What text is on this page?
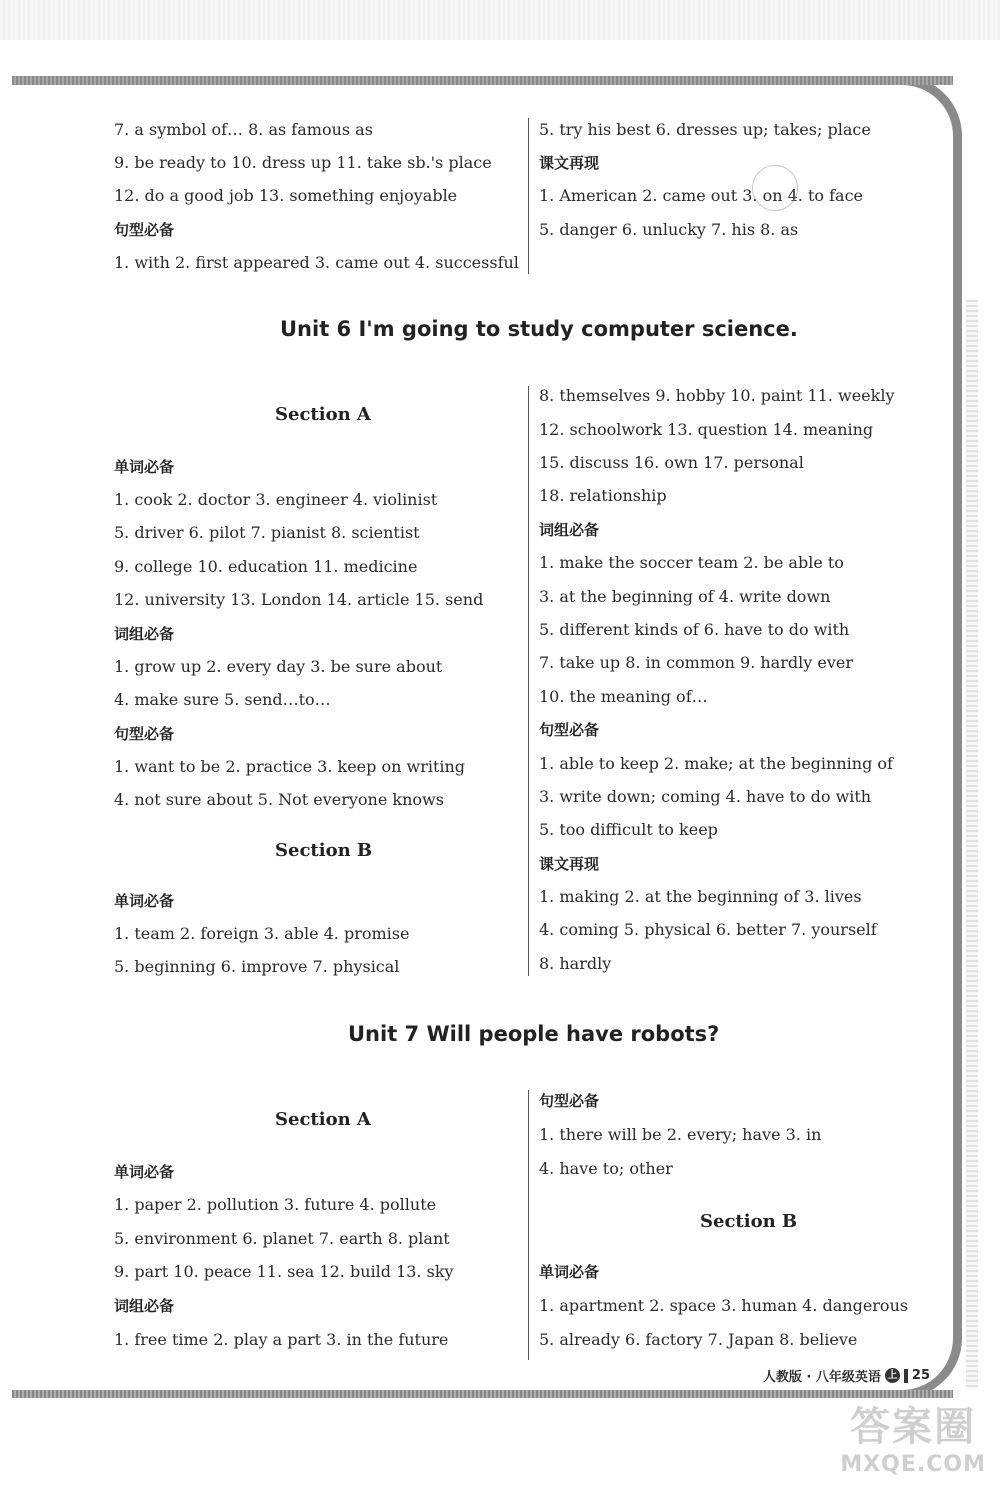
7. a symbol of… 8. as famous as
9. be ready to 10. dress up 11. take sb.'s place
12. do a good job 13. something enjoyable
句型必备
1. with 2. first appeared 3. came out 4. successful
5. try his best 6. dresses up; takes; place
课文再现
1. American 2. came out 3. on 4. to face
5. danger 6. unlucky 7. his 8. as
Unit 6 I'm going to study computer science.
Section A
单词必备
1. cook 2. doctor 3. engineer 4. violinist
5. driver 6. pilot 7. pianist 8. scientist
9. college 10. education 11. medicine
12. university 13. London 14. article 15. send
词组必备
1. grow up 2. every day 3. be sure about
4. make sure 5. send…to…
句型必备
1. want to be 2. practice 3. keep on writing
4. not sure about 5. Not everyone knows
Section B
单词必备
1. team 2. foreign 3. able 4. promise
5. beginning 6. improve 7. physical
8. themselves 9. hobby 10. paint 11. weekly
12. schoolwork 13. question 14. meaning
15. discuss 16. own 17. personal
18. relationship
词组必备
1. make the soccer team 2. be able to
3. at the beginning of 4. write down
5. different kinds of 6. have to do with
7. take up 8. in common 9. hardly ever
10. the meaning of…
句型必备
1. able to keep 2. make; at the beginning of
3. write down; coming 4. have to do with
5. too difficult to keep
课文再现
1. making 2. at the beginning of 3. lives
4. coming 5. physical 6. better 7. yourself
8. hardly
Unit 7 Will people have robots?
Section A
单词必备
1. paper 2. pollution 3. future 4. pollute
5. environment 6. planet 7. earth 8. plant
9. part 10. peace 11. sea 12. build 13. sky
词组必备
1. free time 2. play a part 3. in the future
句型必备
1. there will be 2. every; have 3. in
4. have to; other
Section B
单词必备
1. apartment 2. space 3. human 4. dangerous
5. already 6. factory 7. Japan 8. believe
人教版 · 八年级英语 上 25
答案圈
MXQE.COM
